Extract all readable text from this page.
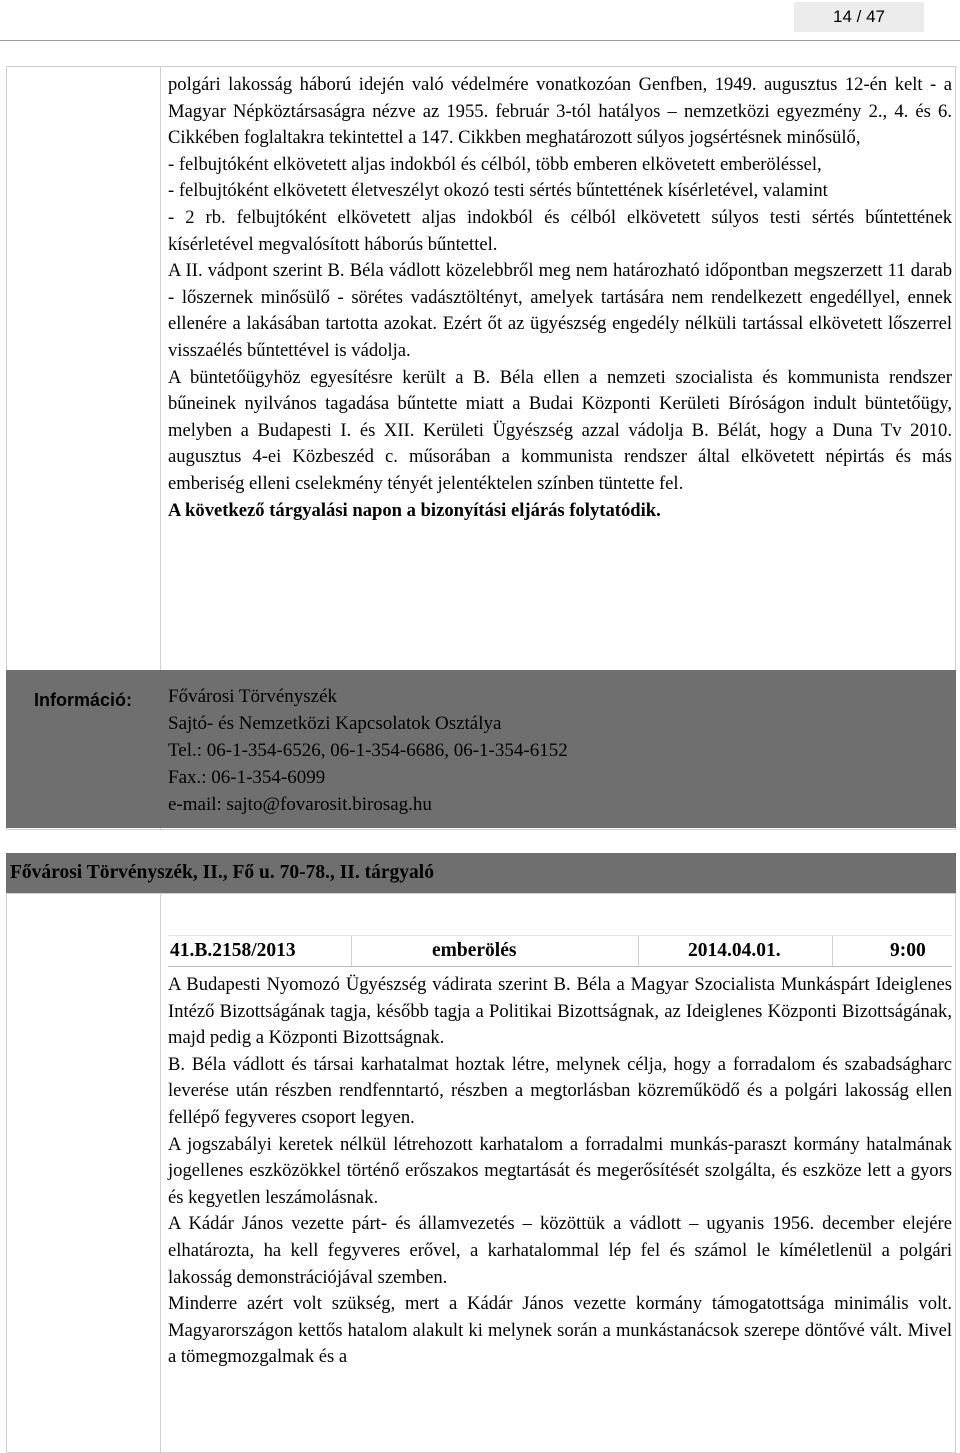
14 / 47

polgári lakosság háború idején való védelmére vonatkozóan Genfben, 1949. augusztus 12-én kelt - a Magyar Népköztársaságra nézve az 1955. február 3-tól hatályos – nemzetközi egyezmény 2., 4. és 6. Cikkében foglaltakra tekintettel a 147. Cikkben meghatározott súlyos jogsértésnek minősülő,

- felbujtóként elkövetett aljas indokból és célból, több emberen elkövetett emberöléssel,

- felbujtóként elkövetett életveszélyt okozó testi sértés bűntettének kísérletével, valamint

- 2 rb. felbujtóként elkövetett aljas indokból és célból elkövetett súlyos testi sértés bűntettének kísérletével megvalósított háborús bűntettel.

A II. vádpont szerint B. Béla vádlott közelebbről meg nem határozható időpontban megszerzett 11 darab - lőszernek minősülő - sörétes vadásztöltényt, amelyek tartására nem rendelkezett engedéllyel, ennek ellenére a lakásában tartotta azokat. Ezért őt az ügyészség engedély nélküli tartással elkövetett lőszerrel visszaélés bűntettével is vádolja.

A büntetőügyhöz egyesítésre került a B. Béla ellen a nemzeti szocialista és kommunista rendszer bűneinek nyilvános tagadása bűntette miatt a Budai Központi Kerületi Bíróságon indult büntetőügy, melyben a Budapesti I. és XII. Kerületi Ügyészség azzal vádolja B. Bélát, hogy a Duna Tv 2010. augusztus 4-ei Közbeszéd c. műsorában a kommunista rendszer által elkövetett népirtás és más emberiség elleni cselekmény tényét jelentéktelen színben tüntette fel.

A következő tárgyalási napon a bizonyítási eljárás folytatódik.

Információ:	Fővárosi Törvényszék
Sajtó- és Nemzetközi Kapcsolatok Osztálya
Tel.: 06-1-354-6526, 06-1-354-6686, 06-1-354-6152
Fax.: 06-1-354-6099
e-mail: sajto@fovarosit.birosag.hu
Fővárosi Törvényszék, II., Fő u. 70-78., II. tárgyaló
41.B.2158/2013	emberölés	2014.04.01.	9:00

A Budapesti Nyomozó Ügyészség vádirata szerint B. Béla a Magyar Szocialista Munkáspárt Ideiglenes Intéző Bizottságának tagja, később tagja a Politikai Bizottságnak, az Ideiglenes Központi Bizottságának, majd pedig a Központi Bizottságnak.

B. Béla vádlott és társai karhatalmat hoztak létre, melynek célja, hogy a forradalom és szabadságharc leverése után részben rendfenntartó, részben a megtorlásban közreműködő és a polgári lakosság ellen fellépő fegyveres csoport legyen.

A jogszabályi keretek nélkül létrehozott karhatalom a forradalmi munkás-paraszt kormány hatalmának jogellenes eszközökkel történő erőszakos megtartását és megerősítését szolgálta, és eszköze lett a gyors és kegyetlen leszámolásnak.

A Kádár János vezette párt- és államvezetés – közöttük a vádlott – ugyanis 1956. december elejére elhatározta, ha kell fegyveres erővel, a karhatalommal lép fel és számol le kíméletlenül a polgári lakosság demonstrációjával szemben.

Minderre azért volt szükség, mert a Kádár János vezette kormány támogatottsága minimális volt. Magyarországon kettős hatalom alakult ki melynek során a munkástanácsok szerepe döntővé vált. Mivel a tömegmozgalmak és a
